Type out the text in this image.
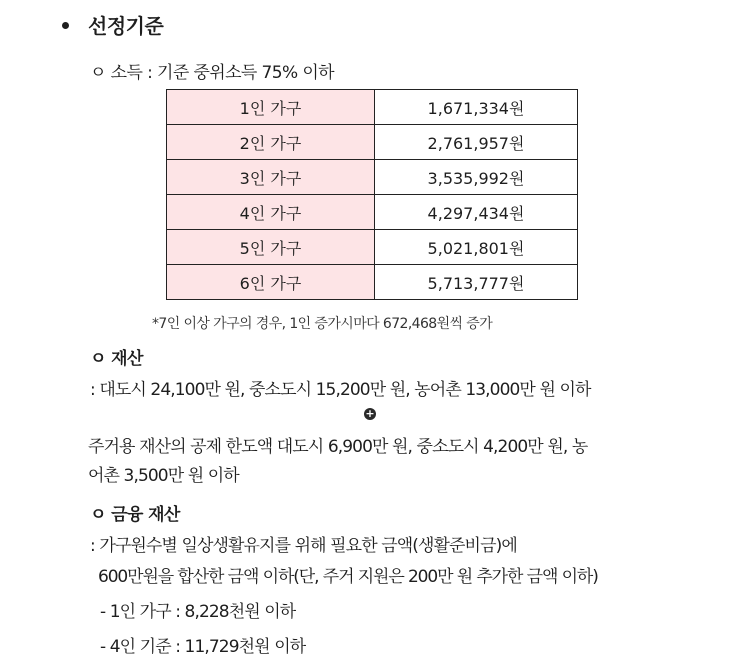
선정기준
ㅇ 소득 : 기준 중위소득 75% 이하
1인 가구	1,671,334원
2인 가구	2,761,957원
3인 가구	3,535,992원
4인 가구	4,297,434원
5인 가구	5,021,801원
6인 가구	5,713,777원
*7인 이상 가구의 경우, 1인 증가시마다 672,468원씩 증가
ㅇ 재산
: 대도시 24,100만 원, 중소도시 15,200만 원, 농어촌 13,000만 원 이하
+
주거용 재산의 공제 한도액 대도시 6,900만 원, 중소도시 4,200만 원, 농
어촌 3,500만 원 이하
ㅇ 금융 재산
: 가구원수별 일상생활유지를 위해 필요한 금액(생활준비금)에
600만원을 합산한 금액 이하(단, 주거 지원은 200만 원 추가한 금액 이하)
- 1인 가구 : 8,228천원 이하
- 4인 기준 : 11,729천원 이하
